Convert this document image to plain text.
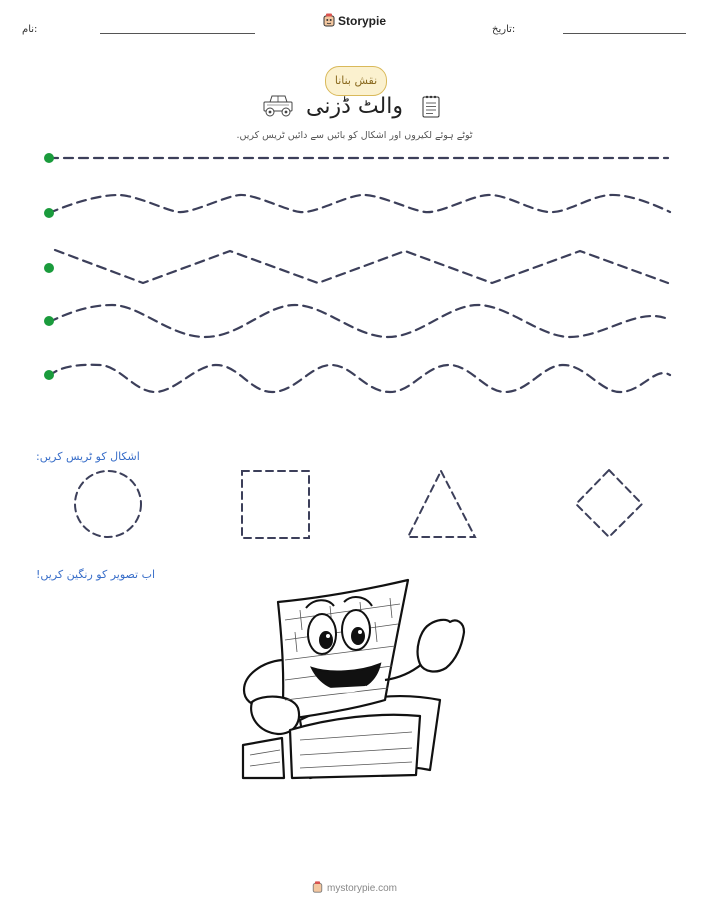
نام:
Storypie
تاریخ:
نقش بنانا
والٹ ڈزنی
ٹوٹے ہوئے لکیروں اور اشکال کو بائیں سے دائیں ٹریس کریں.
اشکال کو ٹریس کریں:
اب تصویر کو رنگین کریں!
mystorypie.com
